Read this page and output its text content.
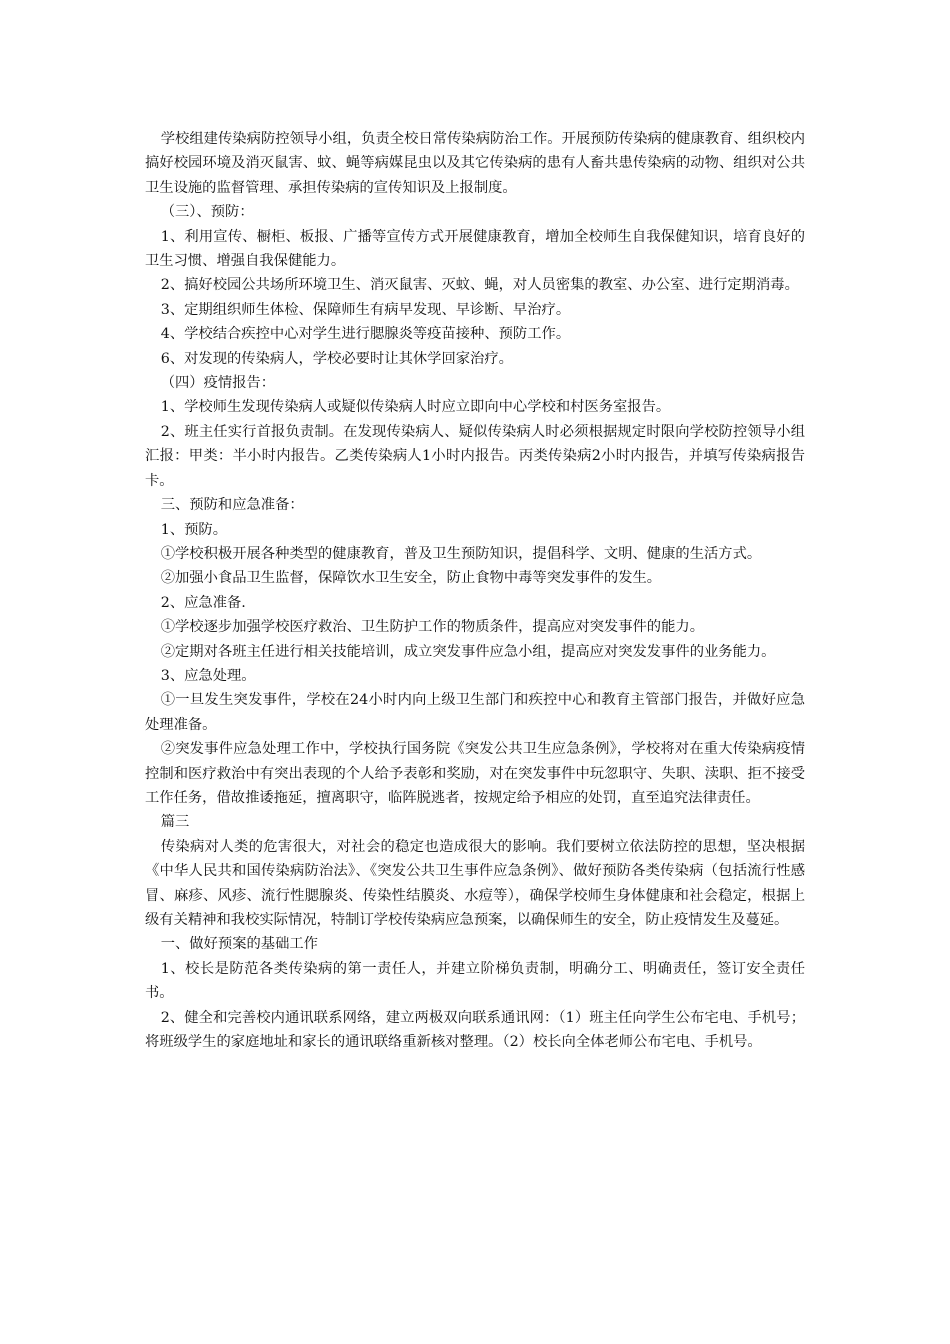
学校组建传染病防控领导小组，负责全校日常传染病防治工作。开展预防传染病的健康教育、组织校内搞好校园环境及消灭鼠害、蚊、蝇等病媒昆虫以及其它传染病的患有人畜共患传染病的动物、组织对公共卫生设施的监督管理、承担传染病的宣传知识及上报制度。

（三）、预防：

1、利用宣传、橱柜、板报、广播等宣传方式开展健康教育，增加全校师生自我保健知识，培育良好的卫生习惯、增强自我保健能力。

2、搞好校园公共场所环境卫生、消灭鼠害、灭蚊、蝇，对人员密集的教室、办公室、进行定期消毒。

3、定期组织师生体检、保障师生有病早发现、早诊断、早治疗。

4、学校结合疾控中心对学生进行腮腺炎等疫苗接种、预防工作。

6、对发现的传染病人，学校必要时让其休学回家治疗。

（四）疫情报告：

1、学校师生发现传染病人或疑似传染病人时应立即向中心学校和村医务室报告。

2、班主任实行首报负责制。在发现传染病人、疑似传染病人时必须根据规定时限向学校防控领导小组汇报：甲类：半小时内报告。乙类传染病人1小时内报告。丙类传染病2小时内报告，并填写传染病报告卡。

三、预防和应急准备：

1、预防。

①学校积极开展各种类型的健康教育，普及卫生预防知识，提倡科学、文明、健康的生活方式。

②加强小食品卫生监督，保障饮水卫生安全，防止食物中毒等突发事件的发生。

2、应急准备.

①学校逐步加强学校医疗救治、卫生防护工作的物质条件，提高应对突发事件的能力。

②定期对各班主任进行相关技能培训，成立突发事件应急小组，提高应对突发发事件的业务能力。

3、应急处理。

①一旦发生突发事件，学校在24小时内向上级卫生部门和疾控中心和教育主管部门报告，并做好应急处理准备。

②突发事件应急处理工作中，学校执行国务院《突发公共卫生应急条例》，学校将对在重大传染病疫情控制和医疗救治中有突出表现的个人给予表彰和奖励，对在突发事件中玩忽职守、失职、渎职、拒不接受工作任务，借故推诿拖延，擅离职守，临阵脱逃者，按规定给予相应的处罚，直至追究法律责任。

篇三

传染病对人类的危害很大，对社会的稳定也造成很大的影响。我们要树立依法防控的思想，坚决根据《中华人民共和国传染病防治法》、《突发公共卫生事件应急条例》、做好预防各类传染病（包括流行性感冒、麻疹、风疹、流行性腮腺炎、传染性结膜炎、水痘等），确保学校师生身体健康和社会稳定，根据上级有关精神和我校实际情况，特制订学校传染病应急预案，以确保师生的安全，防止疫情发生及蔓延。

一、做好预案的基础工作

1、校长是防范各类传染病的第一责任人，并建立阶梯负责制，明确分工、明确责任，签订安全责任书。

2、健全和完善校内通讯联系网络，建立两极双向联系通讯网：（1）班主任向学生公布宅电、手机号；将班级学生的家庭地址和家长的通讯联络重新核对整理。（2）校长向全体老师公布宅电、手机号。
